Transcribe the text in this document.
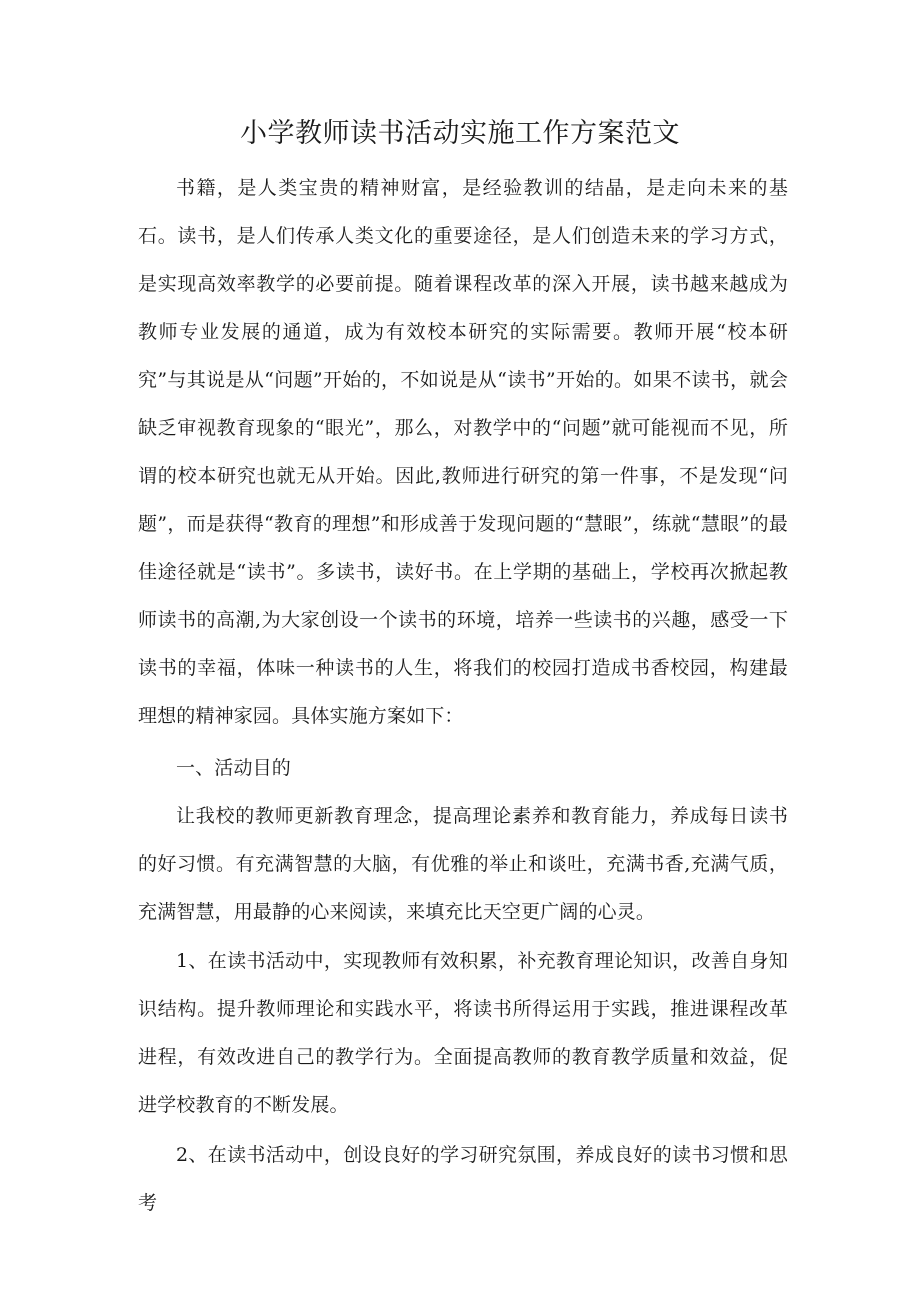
小学教师读书活动实施工作方案范文

书籍，是人类宝贵的精神财富，是经验教训的结晶，是走向未来的基石。读书，是人们传承人类文化的重要途径，是人们创造未来的学习方式，是实现高效率教学的必要前提。随着课程改革的深入开展，读书越来越成为教师专业发展的通道，成为有效校本研究的实际需要。教师开展“校本研究”与其说是从“问题”开始的，不如说是从“读书”开始的。如果不读书，就会缺乏审视教育现象的“眼光”，那么，对教学中的“问题”就可能视而不见，所谓的校本研究也就无从开始。因此,教师进行研究的第一件事，不是发现“问题”，而是获得“教育的理想”和形成善于发现问题的“慧眼”，练就“慧眼”的最佳途径就是“读书”。多读书，读好书。在上学期的基础上，学校再次掀起教师读书的高潮,为大家创设一个读书的环境，培养一些读书的兴趣，感受一下读书的幸福，体味一种读书的人生，将我们的校园打造成书香校园，构建最理想的精神家园。具体实施方案如下：

一、活动目的

让我校的教师更新教育理念，提高理论素养和教育能力，养成每日读书的好习惯。有充满智慧的大脑，有优雅的举止和谈吐，充满书香,充满气质，充满智慧，用最静的心来阅读，来填充比天空更广阔的心灵。

1、在读书活动中，实现教师有效积累，补充教育理论知识，改善自身知识结构。提升教师理论和实践水平，将读书所得运用于实践，推进课程改革进程，有效改进自己的教学行为。全面提高教师的教育教学质量和效益，促进学校教育的不断发展。

2、在读书活动中，创设良好的学习研究氛围，养成良好的读书习惯和思考
